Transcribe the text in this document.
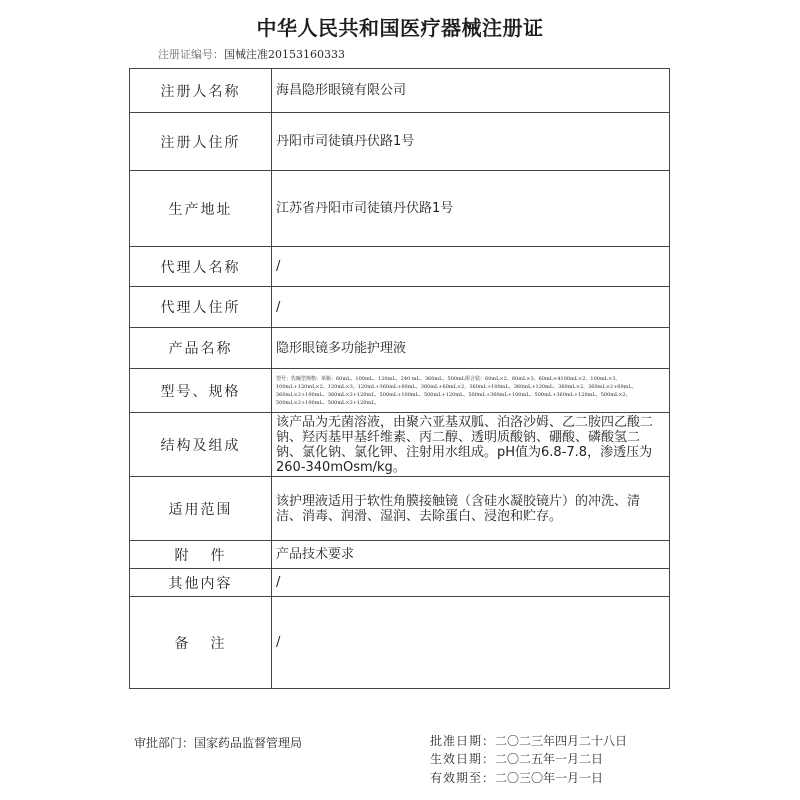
中华人民共和国医疗器械注册证
注册证编号：国械注准20153160333
注册人名称	海昌隐形眼镜有限公司
注册人住所	丹阳市司徒镇丹伏路1号
生产地址	江苏省丹阳市司徒镇丹伏路1号
代理人名称	/
代理人住所	/
产品名称	隐形眼镜多功能护理液
型号、规格	型号：佐瞳型规格：单瓶：60mL、100mL、120mL、240 mL、360mL、500mL组合装：60mL×2、60mL×3、60mL×4100mL×2、100mL×3、100mL+120mL×2、120mL×3、120mL+360mL+60mL、360mL+60mL×2、360mL+100mL、360mL+120mL、360mL×2、360mL×2+60mL、360mL×2+100mL、360mL×2+120mL、500mL+100mL、500mL+120mL、500mL+360mL+100mL、500mL+360mL+120mL、500mL×2、500mL×2+100mL、500mL×2+120mL。
结构及组成	该产品为无菌溶液，由聚六亚基双胍、泊洛沙姆、乙二胺四乙酸二钠、羟丙基甲基纤维素、丙二醇、透明质酸钠、硼酸、磷酸氢二钠、氯化钠、氯化钾、注射用水组成。pH值为6.8-7.8，渗透压为260-340mOsm/kg。
适用范围	该护理液适用于软性角膜接触镜（含硅水凝胶镜片）的冲洗、清洁、消毒、润滑、湿润、去除蛋白、浸泡和贮存。
附件	产品技术要求
其他内容	/
备注	/
审批部门：国家药品监督管理局	批准日期：二〇二三年四月二十八日
生效日期：二〇二五年一月二日
有效期至：二〇三〇年一月一日
